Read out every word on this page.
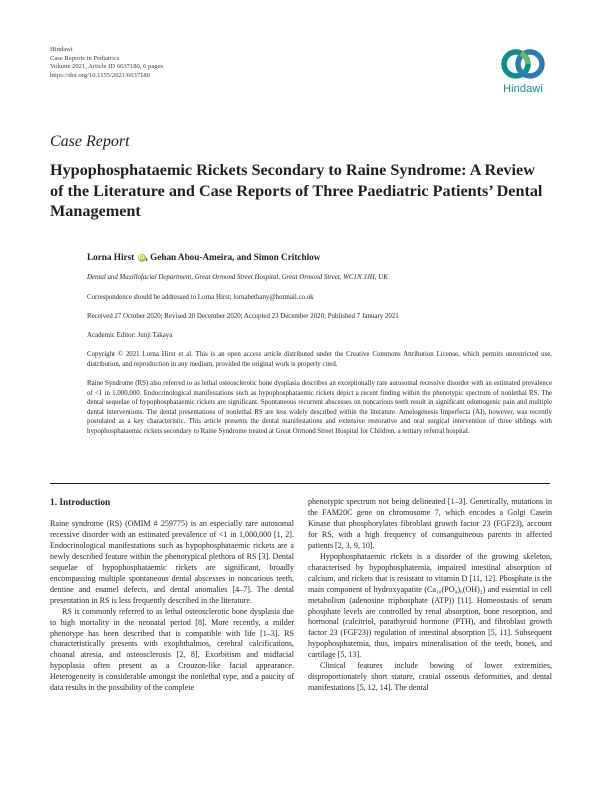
Hindawi
Case Reports in Pediatrics
Volume 2021, Article ID 6637180, 6 pages
https://doi.org/10.1155/2021/6637180
Hindawi
Case Report
Hypophosphataemic Rickets Secondary to Raine Syndrome: A Review of the Literature and Case Reports of Three Paediatric Patients’ Dental Management
Lorna Hirst iD, Gehan Abou-Ameira, and Simon Critchlow
Dental and Maxillofacial Department, Great Ormond Street Hospital, Great Ormond Street, WC1N 3JH, UK
Correspondence should be addressed to Lorna Hirst; lornabethany@hotmail.co.uk
Received 27 October 2020; Revised 20 December 2020; Accepted 23 December 2020; Published 7 January 2021
Academic Editor: Junji Takaya
Copyright © 2021 Lorna Hirst et al. This is an open access article distributed under the Creative Commons Attribution License, which permits unrestricted use, distribution, and reproduction in any medium, provided the original work is properly cited.
Raine Syndrome (RS) also referred to as lethal osteosclerotic bone dysplasia describes an exceptionally rare autosomal recessive disorder with an estimated prevalence of <1 in 1,000,000. Endocrinological manifestations such as hypophosphataemic rickets depict a recent finding within the phenotypic spectrum of nonlethal RS. The dental sequelae of hypophosphataemic rickets are significant. Spontaneous recurrent abscesses on noncarious teeth result in significant odontogenic pain and multiple dental interventions. The dental presentations of nonlethal RS are less widely described within the literature. Amelogenesis Imperfecta (AI), however, was recently postulated as a key characteristic. This article presents the dental manifestations and extensive restorative and oral surgical intervention of three siblings with hypophosphataemic rickets secondary to Raine Syndrome treated at Great Ormond Street Hospital for Children, a tertiary referral hospital.
1. Introduction

Raine syndrome (RS) (OMIM # 259775) is an especially rare autosomal recessive disorder with an estimated prevalence of <1 in 1,000,000 [1, 2]. Endocrinological manifestations such as hypophosphataemic rickets are a newly described feature within the phenotypical plethora of RS [3]. Dental sequelae of hypophosphataemic rickets are significant, broadly encompassing multiple spontaneous dental abscesses in noncarious teeth, dentine and enamel defects, and dental anomalies [4–7]. The dental presentation in RS is less frequently described in the literature.

RS is commonly referred to as lethal osteosclerotic bone dysplasia due to high mortality in the neonatal period [8]. More recently, a milder phenotype has been described that is compatible with life [1–3]. RS characteristically presents with exophthalmos, cerebral calcifications, choanal atresia, and osteosclerosis [2, 8]. Exorbitism and midfacial hypoplasia often present as a Crouzon-like facial appearance. Heterogeneity is considerable amongst the nonlethal type, and a paucity of data results in the possibility of the complete

phenotypic spectrum not being delineated [1–3]. Genetically, mutations in the FAM20C gene on chromosome 7, which encodes a Golgi Casein Kinase that phosphorylates fibroblast growth factor 23 (FGF23), account for RS, with a high frequency of consanguineous parents in affected patients [2, 3, 9, 10].

Hypophosphataemic rickets is a disorder of the growing skeleton, characterised by hypophosphatemia, impaired intestinal absorption of calcium, and rickets that is resistant to vitamin D [11, 12]. Phosphate is the main component of hydroxyapatite (Ca₁₀(PO₄)₆(OH)₂) and essential in cell metabolism (adenosine triphosphate (ATP)) [11]. Homeostasis of serum phosphate levels are controlled by renal absorption, bone resorption, and hormonal (calcitriol, parathyroid hormone (PTH), and fibroblast growth factor 23 (FGF23)) regulation of intestinal absorption [5, 11]. Subsequent hypophosphatemia, thus, impairs mineralisation of the teeth, bones, and cartilage [5, 13].

Clinical features include bowing of lower extremities, disproportionately short stature, cranial osseous deformities, and dental manifestations [5, 12, 14]. The dental
